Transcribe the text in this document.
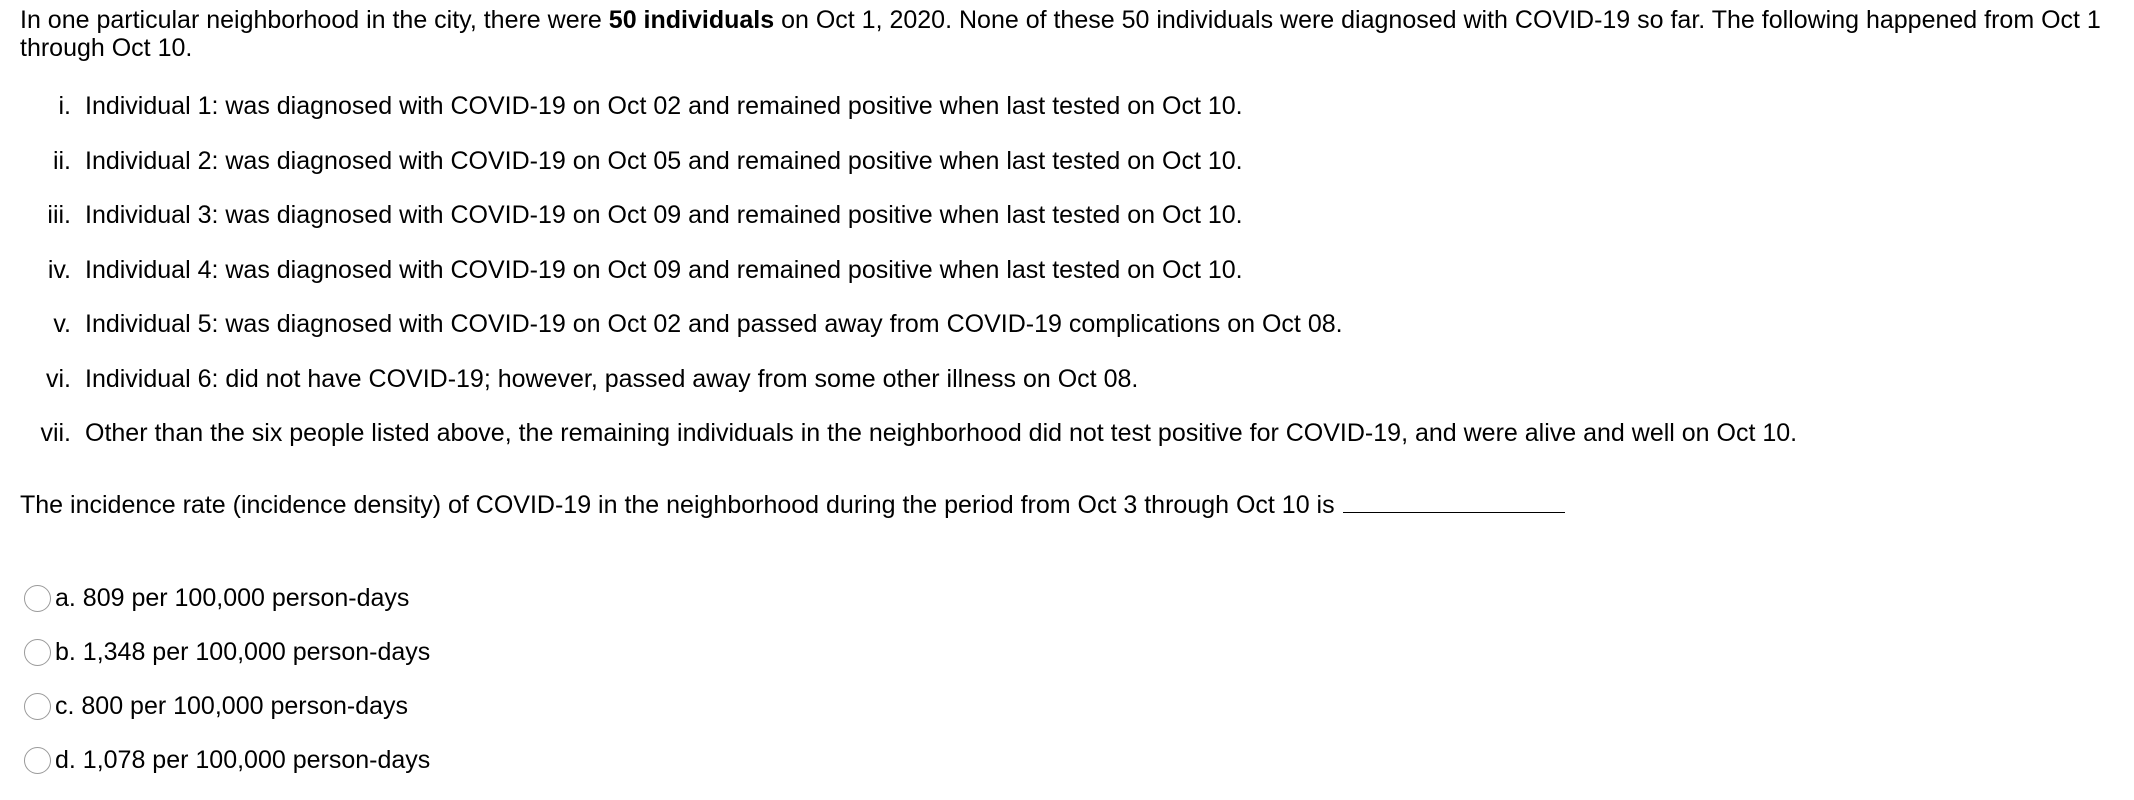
In one particular neighborhood in the city, there were 50 individuals on Oct 1, 2020. None of these 50 individuals were diagnosed with COVID-19 so far. The following happened from Oct 1 through Oct 10.

i. Individual 1: was diagnosed with COVID-19 on Oct 02 and remained positive when last tested on Oct 10.
ii. Individual 2: was diagnosed with COVID-19 on Oct 05 and remained positive when last tested on Oct 10.
iii. Individual 3: was diagnosed with COVID-19 on Oct 09 and remained positive when last tested on Oct 10.
iv. Individual 4: was diagnosed with COVID-19 on Oct 09 and remained positive when last tested on Oct 10.
v. Individual 5: was diagnosed with COVID-19 on Oct 02 and passed away from COVID-19 complications on Oct 08.
vi. Individual 6: did not have COVID-19; however, passed away from some other illness on Oct 08.
vii. Other than the six people listed above, the remaining individuals in the neighborhood did not test positive for COVID-19, and were alive and well on Oct 10.

The incidence rate (incidence density) of COVID-19 in the neighborhood during the period from Oct 3 through Oct 10 is

a. 809 per 100,000 person-days
b. 1,348 per 100,000 person-days
c. 800 per 100,000 person-days
d. 1,078 per 100,000 person-days
